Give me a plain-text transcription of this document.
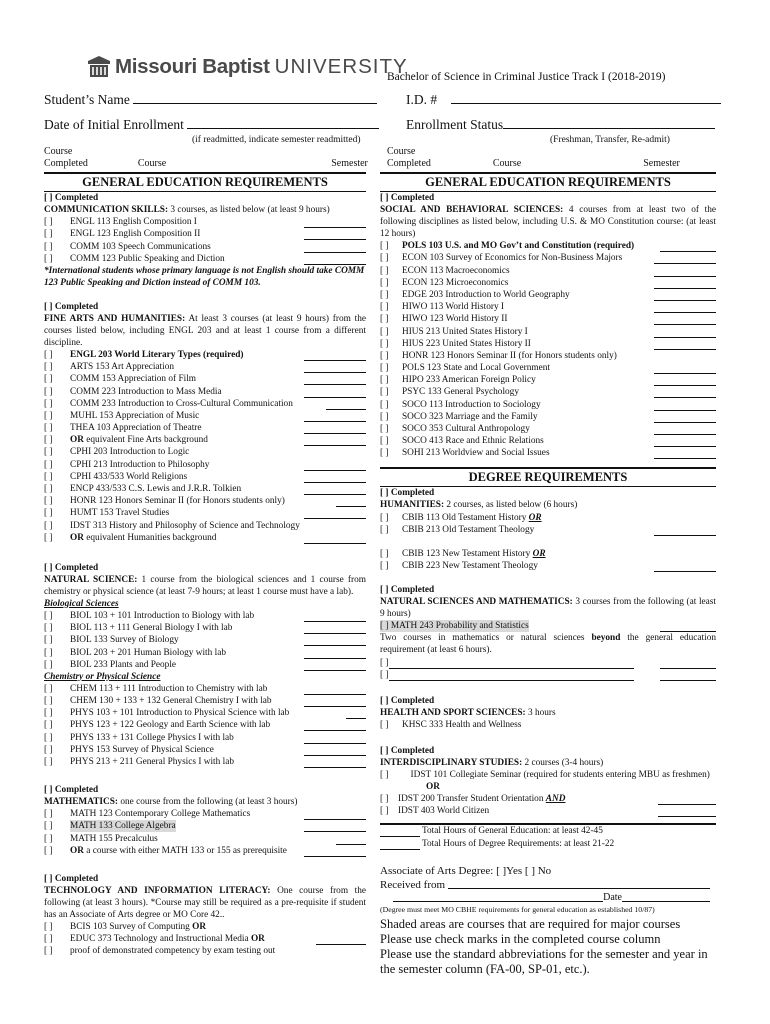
Missouri Baptist UNIVERSITY
Bachelor of Science in Criminal Justice Track I (2018-2019)
Student’s Name	I.D. #
Date of Initial Enrollment	Enrollment Status
(if readmitted, indicate semester readmitted)	(Freshman, Transfer, Re-admit)
Course
Completed	Course	Semester
Course
Completed	Course	Semester
GENERAL EDUCATION REQUIREMENTS
[ ] Completed
COMMUNICATION SKILLS: 3 courses, as listed below (at least 9 hours)
[ ]	ENGL 113 English Composition I
[ ]	ENGL 123 English Composition II
[ ]	COMM 103 Speech Communications
[ ]	COMM 123 Public Speaking and Diction
*International students whose primary language is not English should take COMM 123 Public Speaking and Diction instead of COMM 103.
[ ] Completed
FINE ARTS AND HUMANITIES: At least 3 courses (at least 9 hours) from the courses listed below, including ENGL 203 and at least 1 course from a different discipline.
[ ]	ENGL 203 World Literary Types (required)
[ ]	ARTS 153 Art Appreciation
[ ]	COMM 153 Appreciation of Film
[ ]	COMM 223 Introduction to Mass Media
[ ]	COMM 233 Introduction to Cross-Cultural Communication
[ ]	MUHL 153 Appreciation of Music
[ ]	THEA 103 Appreciation of Theatre
[ ]	OR equivalent Fine Arts background
[ ]	CPHI 203 Introduction to Logic
[ ]	CPHI 213 Introduction to Philosophy
[ ]	CPHI 433/533 World Religions
[ ]	ENCP 433/533 C.S. Lewis and J.R.R. Tolkien
[ ]	HONR 123 Honors Seminar II (for Honors students only)
[ ]	HUMT 153 Travel Studies
[ ]	IDST 313 History and Philosophy of Science and Technology
[ ]	OR equivalent Humanities background
[ ] Completed
NATURAL SCIENCE: 1 course from the biological sciences and 1 course from chemistry or physical science (at least 7-9 hours; at least 1 course must have a lab).
Biological Sciences
[ ]	BIOL 103 + 101 Introduction to Biology with lab
[ ]	BIOL 113 + 111 General Biology I with lab
[ ]	BIOL 133 Survey of Biology
[ ]	BIOL 203 + 201 Human Biology with lab
[ ]	BIOL 233 Plants and People
Chemistry or Physical Science
[ ]	CHEM 113 + 111 Introduction to Chemistry with lab
[ ]	CHEM 130 + 133 + 132 General Chemistry I with lab
[ ]	PHYS 103 + 101 Introduction to Physical Science with lab
[ ]	PHYS 123 + 122 Geology and Earth Science with lab
[ ]	PHYS 133 + 131 College Physics I with lab
[ ]	PHYS 153 Survey of Physical Science
[ ]	PHYS 213 + 211 General Physics I with lab
[ ] Completed
MATHEMATICS: one course from the following (at least 3 hours)
[ ]	MATH 123 Contemporary College Mathematics
[ ]	MATH 133 College Algebra
[ ]	MATH 155 Precalculus
[ ]	OR a course with either MATH 133 or 155 as prerequisite
[ ] Completed
TECHNOLOGY AND INFORMATION LITERACY: One course from the following (at least 3 hours). *Course may still be required as a pre-requisite if student has an Associate of Arts degree or MO Core 42..
[ ]	BCIS 103 Survey of Computing OR
[ ]	EDUC 373 Technology and Instructional Media OR
[ ]	proof of demonstrated competency by exam testing out
GENERAL EDUCATION REQUIREMENTS
[ ] Completed
SOCIAL AND BEHAVIORAL SCIENCES: 4 courses from at least two of the following disciplines as listed below, including U.S. & MO Constitution course: (at least 12 hours)
[ ]	POLS 103 U.S. and MO Gov’t and Constitution (required)
[ ]	ECON 103 Survey of Economics for Non-Business Majors
[ ]	ECON 113 Macroeconomics
[ ]	ECON 123 Microeconomics
[ ]	EDGE 203 Introduction to World Geography
[ ]	HIWO 113 World History I
[ ]	HIWO 123 World History II
[ ]	HIUS 213 United States History I
[ ]	HIUS 223 United States History II
[ ]	HONR 123 Honors Seminar II (for Honors students only)
[ ]	POLS 123 State and Local Government
[ ]	HIPO 233 American Foreign Policy
[ ]	PSYC 133 General Psychology
[ ]	SOCO 113 Introduction to Sociology
[ ]	SOCO 323 Marriage and the Family
[ ]	SOCO 353 Cultural Anthropology
[ ]	SOCO 413 Race and Ethnic Relations
[ ]	SOHI 213 Worldview and Social Issues
DEGREE REQUIREMENTS
[ ] Completed
HUMANITIES: 2 courses, as listed below (6 hours)
[ ]	CBIB 113 Old Testament History OR
[ ]	CBIB 213 Old Testament Theology
[ ]	CBIB 123 New Testament History OR
[ ]	CBIB 223 New Testament Theology
[ ] Completed
NATURAL SCIENCES AND MATHEMATICS: 3 courses from the following (at least 9 hours)
[ ] MATH 243 Probability and Statistics
Two courses in mathematics or natural sciences beyond the general education requirement (at least 6 hours).
[ ]
[ ]
[ ] Completed
HEALTH AND SPORT SCIENCES: 3 hours
[ ]	KHSC 333 Health and Wellness
[ ] Completed
INTERDISCIPLINARY STUDIES: 2 courses (3-4 hours)
[ ] IDST 101 Collegiate Seminar (required for students entering MBU as freshmen)
OR
[ ]	IDST 200 Transfer Student Orientation AND
[ ]	IDST 403 World Citizen
Total Hours of General Education: at least 42-45
Total Hours of Degree Requirements: at least 21-22
Associate of Arts Degree: [ ]Yes [ ] No
Received from
Date
(Degree must meet MO CBHE requirements for general education as established 10/87)
Shaded areas are courses that are required for major courses
Please use check marks in the completed course column
Please use the standard abbreviations for the semester and year in the semester column (FA-00, SP-01, etc.).
